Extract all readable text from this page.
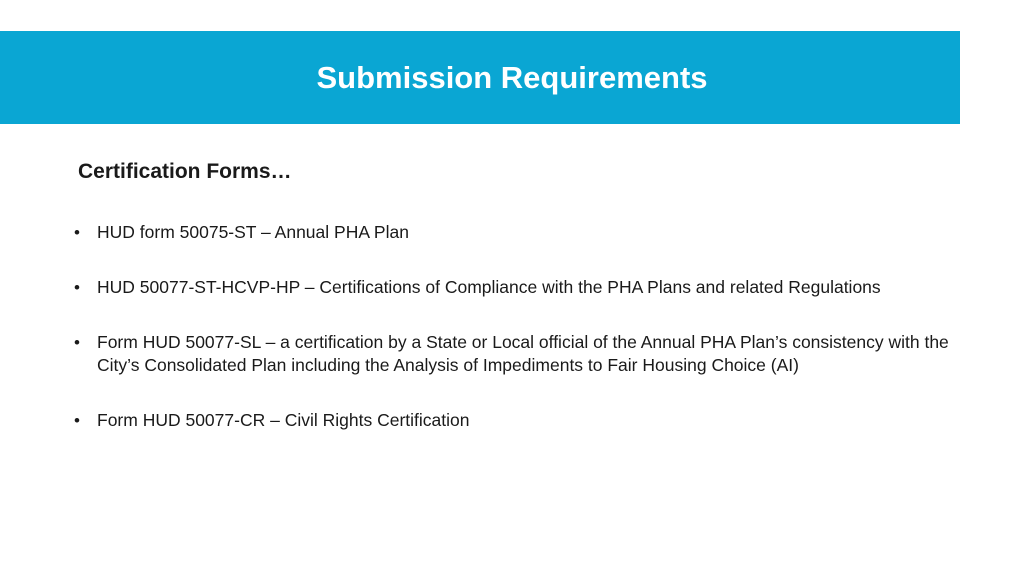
Submission Requirements
Certification Forms…
• HUD form 50075-ST – Annual PHA Plan
• HUD 50077-ST-HCVP-HP – Certifications of Compliance with the PHA Plans and related Regulations
• Form HUD 50077-SL – a certification by a State or Local official of the Annual PHA Plan’s consistency with the City’s Consolidated Plan including the Analysis of Impediments to Fair Housing Choice (AI)
• Form HUD 50077-CR – Civil Rights Certification
